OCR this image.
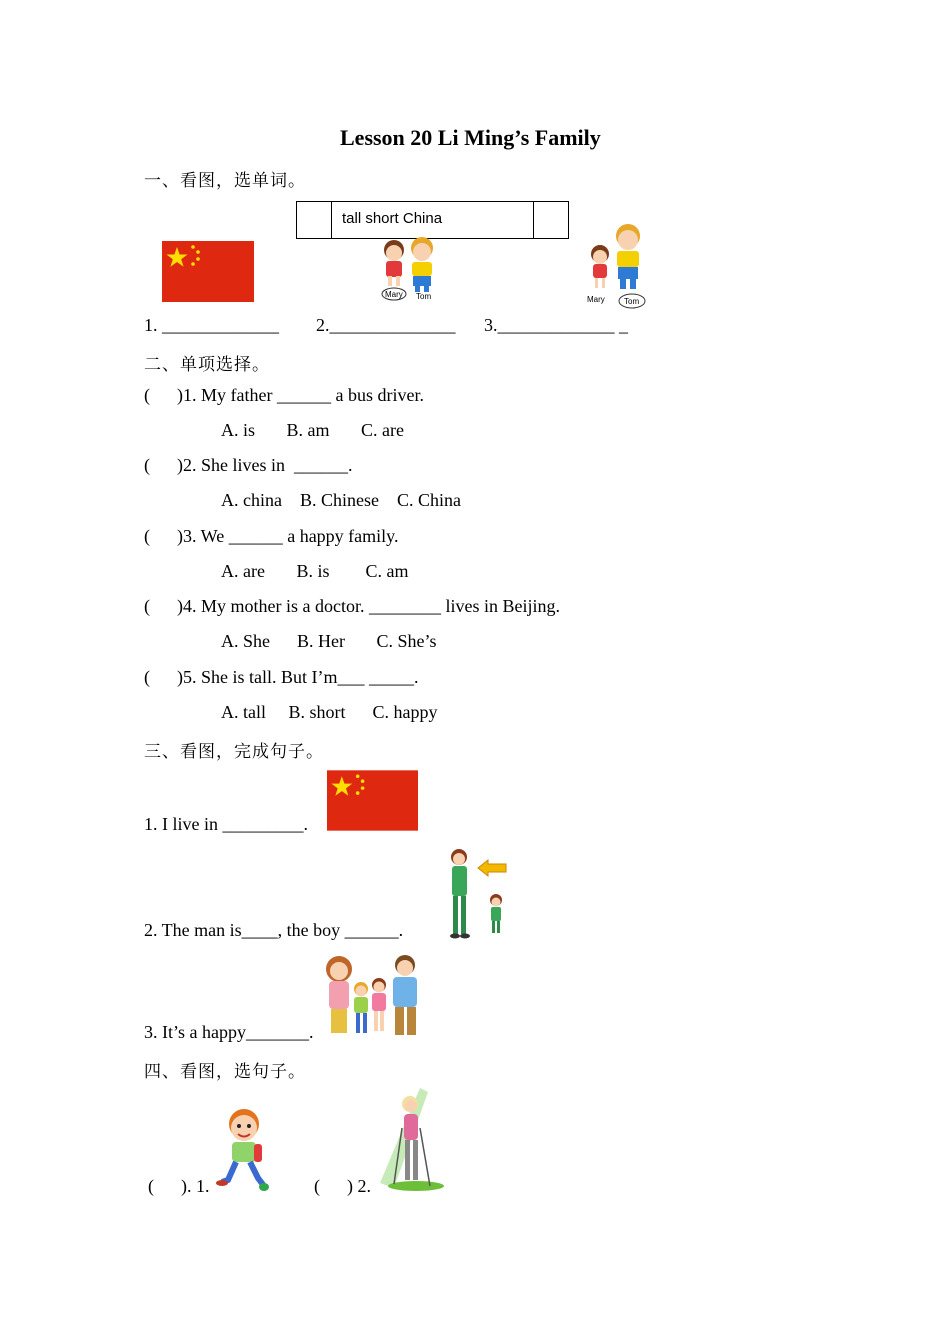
Lesson 20 Li Ming’s Family
一、看图，选单词。
tall short China
Mary Tom	Mary Tom
1. _____________ 2.______________ 3._____________ _
二、单项选择。
(      )1. My father ______ a bus driver.
A. is       B. am       C. are
(      )2. She lives in  ______.
A. china    B. Chinese    C. China
(      )3. We ______ a happy family.
A. are       B. is        C. am
(      )4. My mother is a doctor. ________ lives in Beijing.
A. She      B. Her       C. She’s
(      )5. She is tall. But I’m___ _____.
A. tall     B. short      C. happy
三、看图，完成句子。
1. I live in _________.
2. The man is____, the boy ______.
3. It’s a happy_______.
四、看图，选句子。
(      ). 1.	(      ) 2.
